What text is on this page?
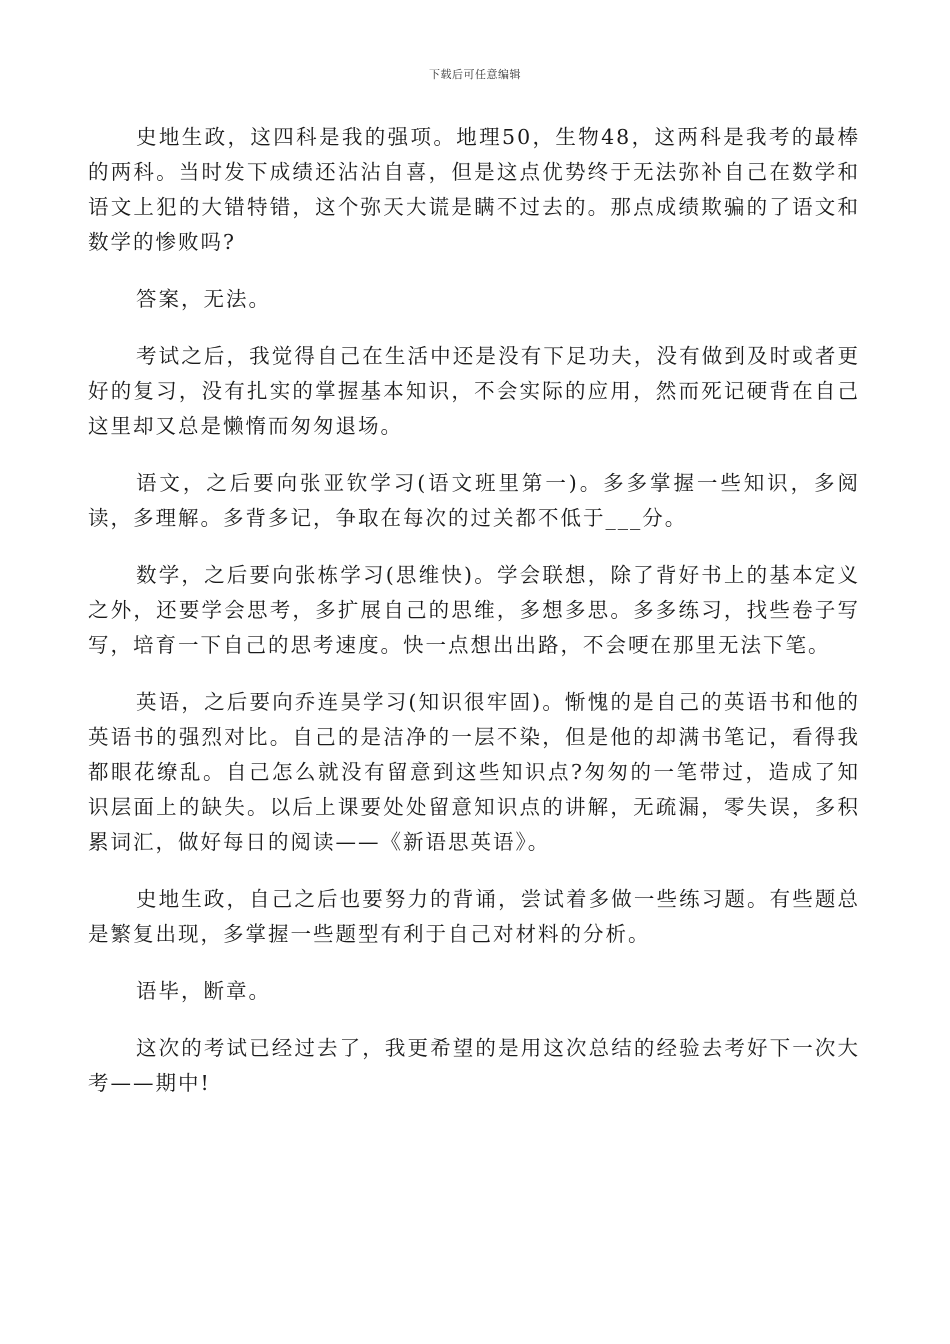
下载后可任意编辑

史地生政，这四科是我的强项。地理50，生物48，这两科是我考的最棒的两科。当时发下成绩还沾沾自喜，但是这点优势终于无法弥补自己在数学和语文上犯的大错特错，这个弥天大谎是瞒不过去的。那点成绩欺骗的了语文和数学的惨败吗?

答案，无法。

考试之后，我觉得自己在生活中还是没有下足功夫，没有做到及时或者更好的复习，没有扎实的掌握基本知识，不会实际的应用，然而死记硬背在自己这里却又总是懒惰而匆匆退场。

语文，之后要向张亚钦学习(语文班里第一)。多多掌握一些知识，多阅读，多理解。多背多记，争取在每次的过关都不低于___分。

数学，之后要向张栋学习(思维快)。学会联想，除了背好书上的基本定义之外，还要学会思考，多扩展自己的思维，多想多思。多多练习，找些卷子写写，培育一下自己的思考速度。快一点想出出路，不会哽在那里无法下笔。

英语，之后要向乔连昊学习(知识很牢固)。惭愧的是自己的英语书和他的英语书的强烈对比。自己的是洁净的一层不染，但是他的却满书笔记，看得我都眼花缭乱。自己怎么就没有留意到这些知识点?匆匆的一笔带过，造成了知识层面上的缺失。以后上课要处处留意知识点的讲解，无疏漏，零失误，多积累词汇，做好每日的阅读——《新语思英语》。

史地生政，自己之后也要努力的背诵，尝试着多做一些练习题。有些题总是繁复出现，多掌握一些题型有利于自己对材料的分析。

语毕，断章。

这次的考试已经过去了，我更希望的是用这次总结的经验去考好下一次大考——期中!
